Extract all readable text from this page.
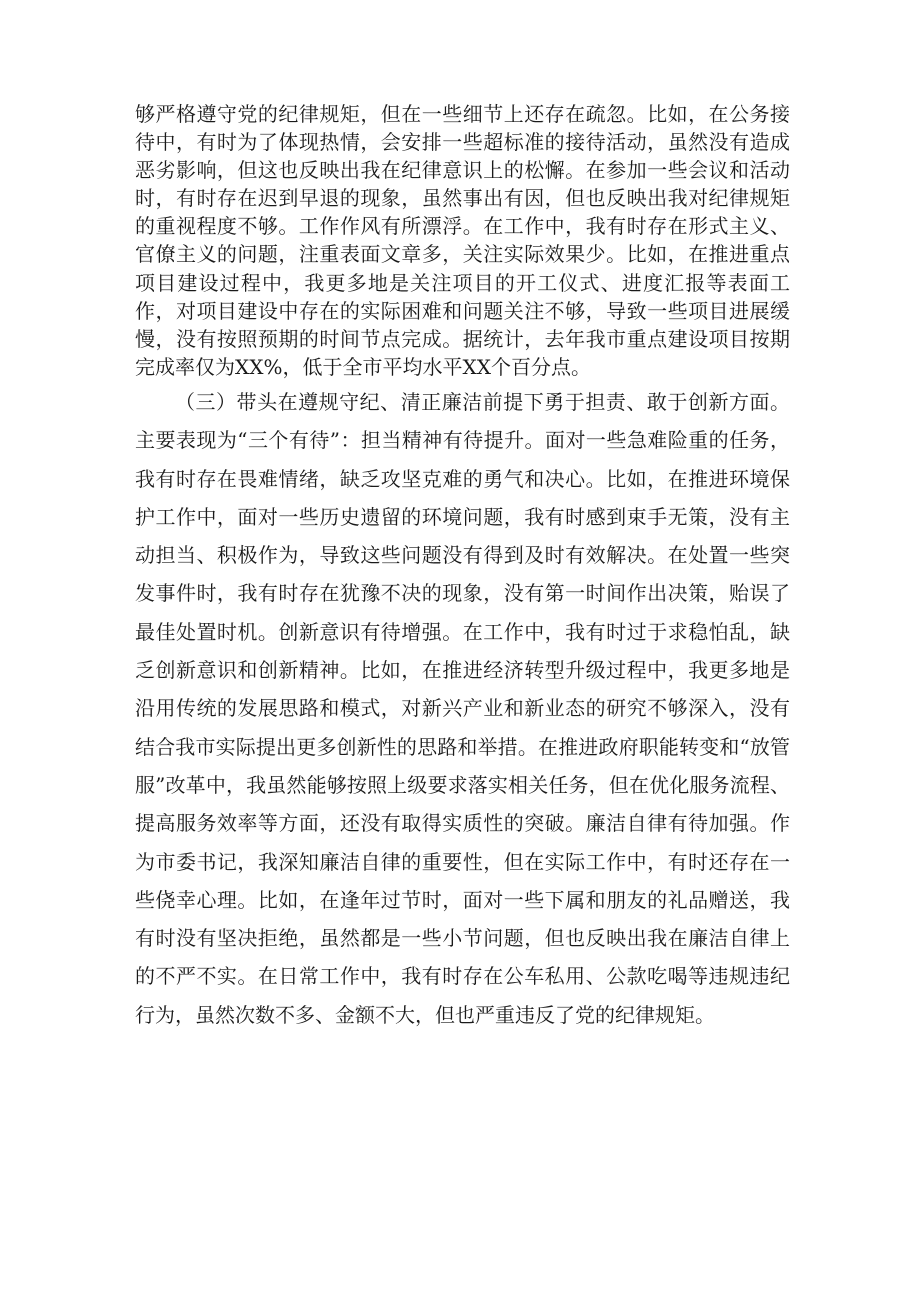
够严格遵守党的纪律规矩，但在一些细节上还存在疏忽。比如，在公务接待中，有时为了体现热情，会安排一些超标准的接待活动，虽然没有造成恶劣影响，但这也反映出我在纪律意识上的松懈。在参加一些会议和活动时，有时存在迟到早退的现象，虽然事出有因，但也反映出我对纪律规矩的重视程度不够。工作作风有所漂浮。在工作中，我有时存在形式主义、官僚主义的问题，注重表面文章多，关注实际效果少。比如，在推进重点项目建设过程中，我更多地是关注项目的开工仪式、进度汇报等表面工作，对项目建设中存在的实际困难和问题关注不够，导致一些项目进展缓慢，没有按照预期的时间节点完成。据统计，去年我市重点建设项目按期完成率仅为XX%，低于全市平均水平XX个百分点。

（三）带头在遵规守纪、清正廉洁前提下勇于担责、敢于创新方面。主要表现为“三个有待”：担当精神有待提升。面对一些急难险重的任务，我有时存在畏难情绪，缺乏攻坚克难的勇气和决心。比如，在推进环境保护工作中，面对一些历史遗留的环境问题，我有时感到束手无策，没有主动担当、积极作为，导致这些问题没有得到及时有效解决。在处置一些突发事件时，我有时存在犹豫不决的现象，没有第一时间作出决策，贻误了最佳处置时机。创新意识有待增强。在工作中，我有时过于求稳怕乱，缺乏创新意识和创新精神。比如，在推进经济转型升级过程中，我更多地是沿用传统的发展思路和模式，对新兴产业和新业态的研究不够深入，没有结合我市实际提出更多创新性的思路和举措。在推进政府职能转变和“放管服”改革中，我虽然能够按照上级要求落实相关任务，但在优化服务流程、提高服务效率等方面，还没有取得实质性的突破。廉洁自律有待加强。作为市委书记，我深知廉洁自律的重要性，但在实际工作中，有时还存在一些侥幸心理。比如，在逢年过节时，面对一些下属和朋友的礼品赠送，我有时没有坚决拒绝，虽然都是一些小节问题，但也反映出我在廉洁自律上的不严不实。在日常工作中，我有时存在公车私用、公款吃喝等违规违纪行为，虽然次数不多、金额不大，但也严重违反了党的纪律规矩。
